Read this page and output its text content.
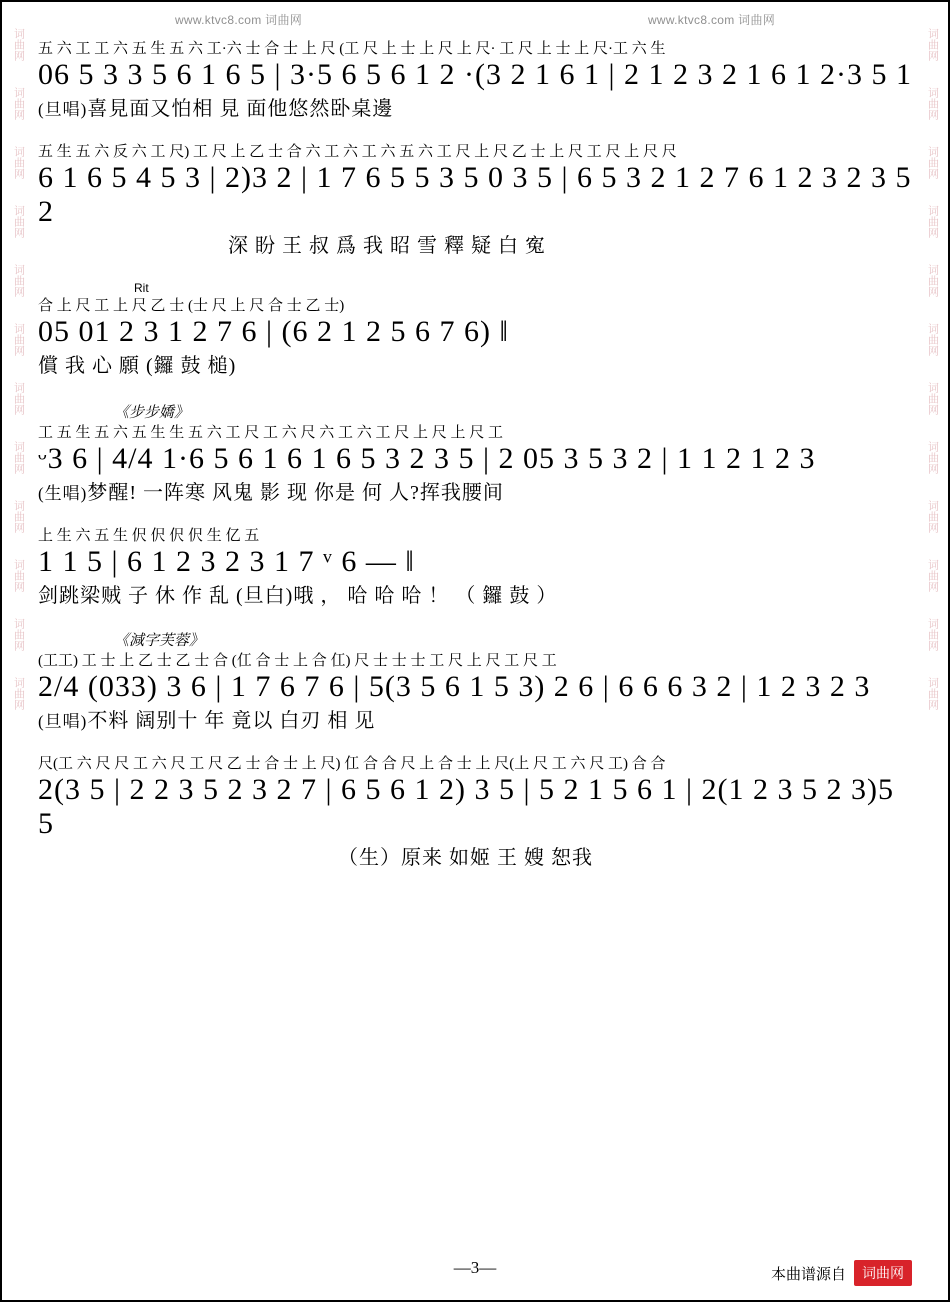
www.ktvc8.com 词曲网	www.ktvc8.com 词曲网
词曲网
词曲网
词曲网
词曲网
词曲网
词曲网
词曲网
词曲网
词曲网
词曲网
词曲网
词曲网
词曲网
词曲网
词曲网
词曲网
词曲网
词曲网
词曲网
词曲网
词曲网
词曲网
词曲网
词曲网
五 六 工 工 六 五 生 五 六 工·六 士 合 士 上 尺 (工 尺 上 士 上 尺 上 尺· 工 尺 上 士 上 尺·工 六 生
06 5 3 3 5 6 1 6 5 | 3·5 6 5 6 1 2 ·(3 2 1 6 1 | 2 1 2 3 2 1 6 1 2·3 5 1
(旦唱)喜見面又怕相 見 面他悠然卧桌邊
五 生 五 六 反 六 工 尺) 工 尺 上 乙 士 合 六 工 六 工 六 五 六 工 尺 上 尺 乙 士 上 尺 工 尺 上 尺 尺
6 1 6 5 4 5 3 | 2)3 2 | 1 7 6 5 5 3 5 0 3 5 | 6 5 3 2 1 2 7 6 1 2 3 2 3 5 2
深 盼 王 叔 爲 我 昭 雪 釋 疑 白 寃
Rit
合 上 尺 工 上 尺 乙 士 (士 尺 上 尺 合 士 乙 士)
05 01 2 3 1 2 7 6 | (6 2 1 2 5 6 7 6) ‖
償 我 心 願 (鑼 鼓 槌)
《步步嬌》
工 五 生 五 六 五 生 生 五 六 工 尺 工 六 尺 六 工 六 工 尺 上 尺 上 尺 工
ᵕ3 6 | 4/4 1·6 5 6 1 6 1 6 5 3 2 3 5 | 2 05 3 5 3 2 | 1 1 2 1 2 3
(生唱)梦醒! 一阵寒 风鬼 影 现 你是 何 人?挥我腰间
上 生 六 五 生 伬 伬 伬 伬 生 亿 五
1 1 5 | 6 1 2 3 2 3 1 7 ᵛ 6 — ‖
剑跳梁贼 子 休 作 乱 (旦白)哦 ， 哈 哈 哈 ！ （ 鑼 鼓 ）
《減字芙蓉》
(工工) 工 士 上 乙 士 乙 士 合 (仜 合 士 上 合 仜) 尺 士 士 士 工 尺 上 尺 工 尺 工
2/4 (033) 3 6 | 1 7 6 7 6 | 5(3 5 6 1 5 3) 2 6 | 6 6 6 3 2 | 1 2 3 2 3
(旦唱)不料 阔别十 年 竟以 白刃 相 见
尺(工 六 尺 尺 工 六 尺 工 尺 乙 士 合 士 上 尺) 仜 合 合 尺 上 合 士 上 尺(上 尺 工 六 尺 工) 合 合
2(3 5 | 2 2 3 5 2 3 2 7 | 6 5 6 1 2) 3 5 | 5 2 1 5 6 1 | 2(1 2 3 5 2 3)5 5
（生）原来 如姬 王 嫂 恕我
—3—	本曲谱源自	词曲网
